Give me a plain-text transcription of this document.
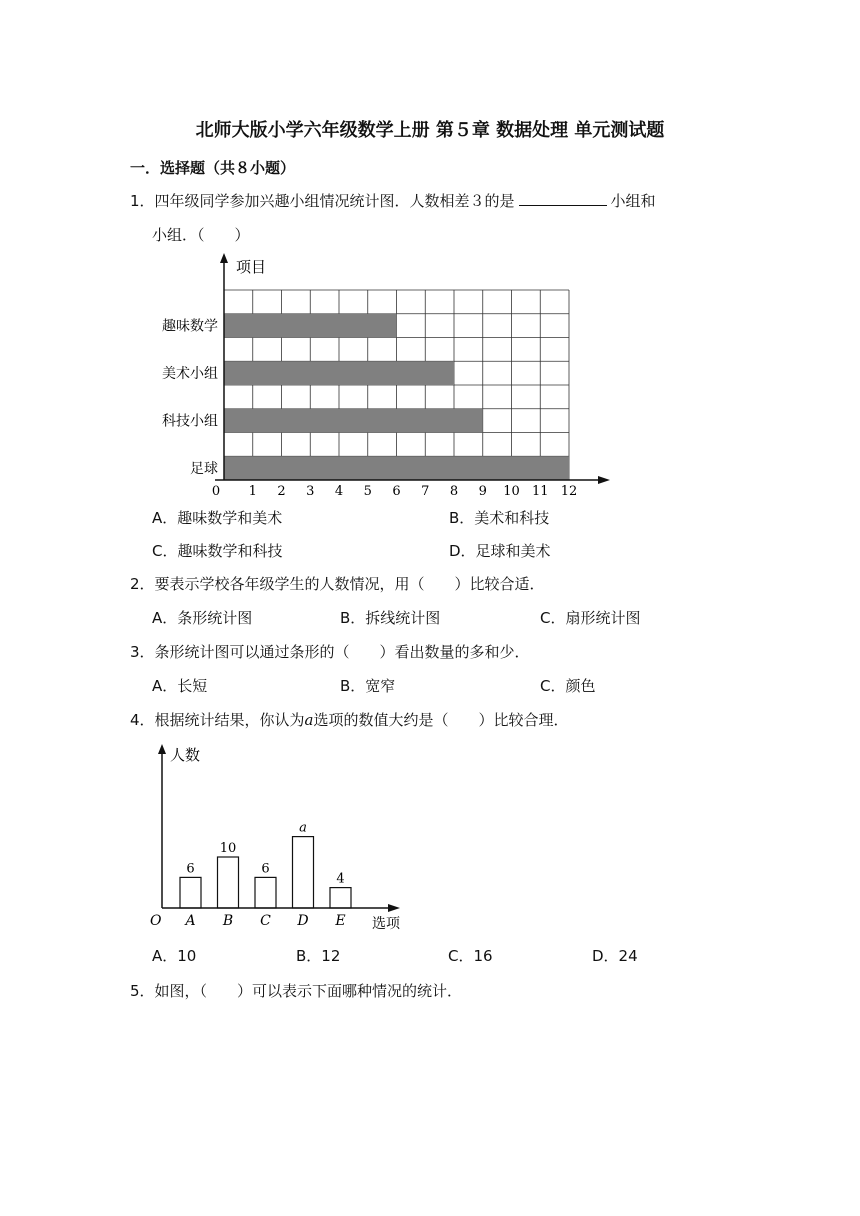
北师大版小学六年级数学上册 第５章 数据处理 单元测试题
一．选择题（共８小题）
1．四年级同学参加兴趣小组情况统计图．人数相差３的是	小组和
小组．（　　）
趣味数学
美术小组
科技小组
足球
0 1 2 3 4 5 6 7 8 9 10 11 12
项目
A．趣味数学和美术	B．美术和科技
C．趣味数学和科技	D．足球和美术
2．要表示学校各年级学生的人数情况，用（　　）比较合适．
A．条形统计图	B．拆线统计图	C．扇形统计图
3．条形统计图可以通过条形的（　　）看出数量的多和少．
A．长短	B．宽窄	C．颜色
4．根据统计结果，你认为a选项的数值大约是（　　）比较合理．
6
10
6
a
4
A B C D E
人数
O	选项
A．10	B．12	C．16	D．24
5．如图，（　　）可以表示下面哪种情况的统计．
